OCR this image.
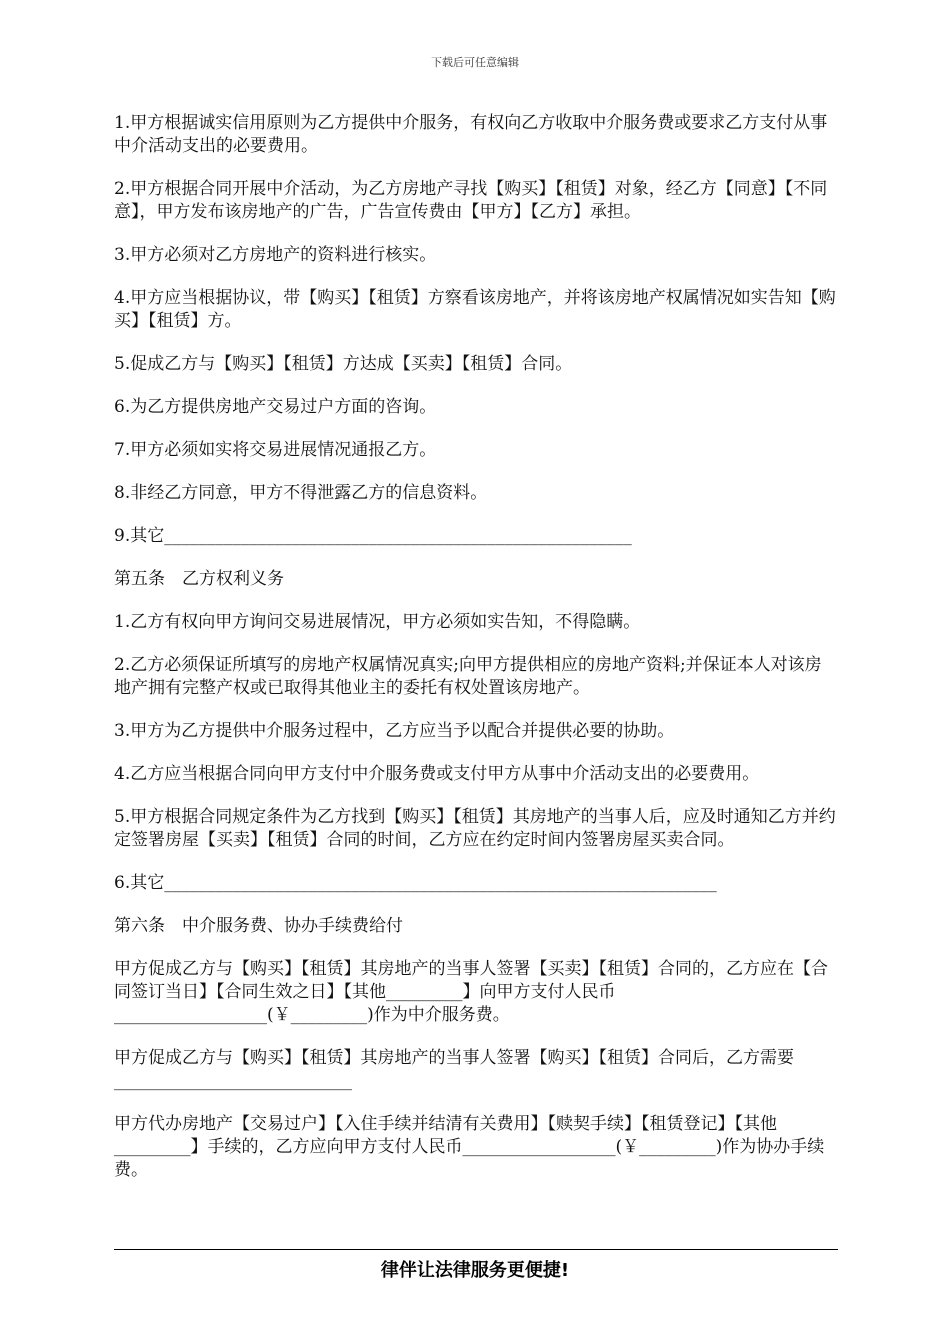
下载后可任意编辑

1.甲方根据诚实信用原则为乙方提供中介服务，有权向乙方收取中介服务费或要求乙方支付从事中介活动支出的必要费用。

2.甲方根据合同开展中介活动，为乙方房地产寻找【购买】【租赁】对象，经乙方【同意】【不同意】，甲方发布该房地产的广告，广告宣传费由【甲方】【乙方】承担。

3.甲方必须对乙方房地产的资料进行核实。

4.甲方应当根据协议，带【购买】【租赁】方察看该房地产，并将该房地产权属情况如实告知【购买】【租赁】方。

5.促成乙方与【购买】【租赁】方达成【买卖】【租赁】合同。

6.为乙方提供房地产交易过户方面的咨询。

7.甲方必须如实将交易进展情况通报乙方。

8.非经乙方同意，甲方不得泄露乙方的信息资料。

9.其它_______________________________________________________

第五条　乙方权利义务

1.乙方有权向甲方询问交易进展情况，甲方必须如实告知，不得隐瞒。

2.乙方必须保证所填写的房地产权属情况真实;向甲方提供相应的房地产资料;并保证本人对该房地产拥有完整产权或已取得其他业主的委托有权处置该房地产。

3.甲方为乙方提供中介服务过程中，乙方应当予以配合并提供必要的协助。

4.乙方应当根据合同向甲方支付中介服务费或支付甲方从事中介活动支出的必要费用。

5.甲方根据合同规定条件为乙方找到【购买】【租赁】其房地产的当事人后，应及时通知乙方并约定签署房屋【买卖】【租赁】合同的时间，乙方应在约定时间内签署房屋买卖合同。

6.其它_________________________________________________________________

第六条　中介服务费、协办手续费给付

甲方促成乙方与【购买】【租赁】其房地产的当事人签署【买卖】【租赁】合同的，乙方应在【合同签订当日】【合同生效之日】【其他_________】向甲方支付人民币__________________(￥_________)作为中介服务费。

甲方促成乙方与【购买】【租赁】其房地产的当事人签署【购买】【租赁】合同后，乙方需要____________________________

甲方代办房地产【交易过户】【入住手续并结清有关费用】【赎契手续】【租赁登记】【其他_________】手续的，乙方应向甲方支付人民币__________________(￥_________)作为协办手续费。

律伴让法律服务更便捷!
